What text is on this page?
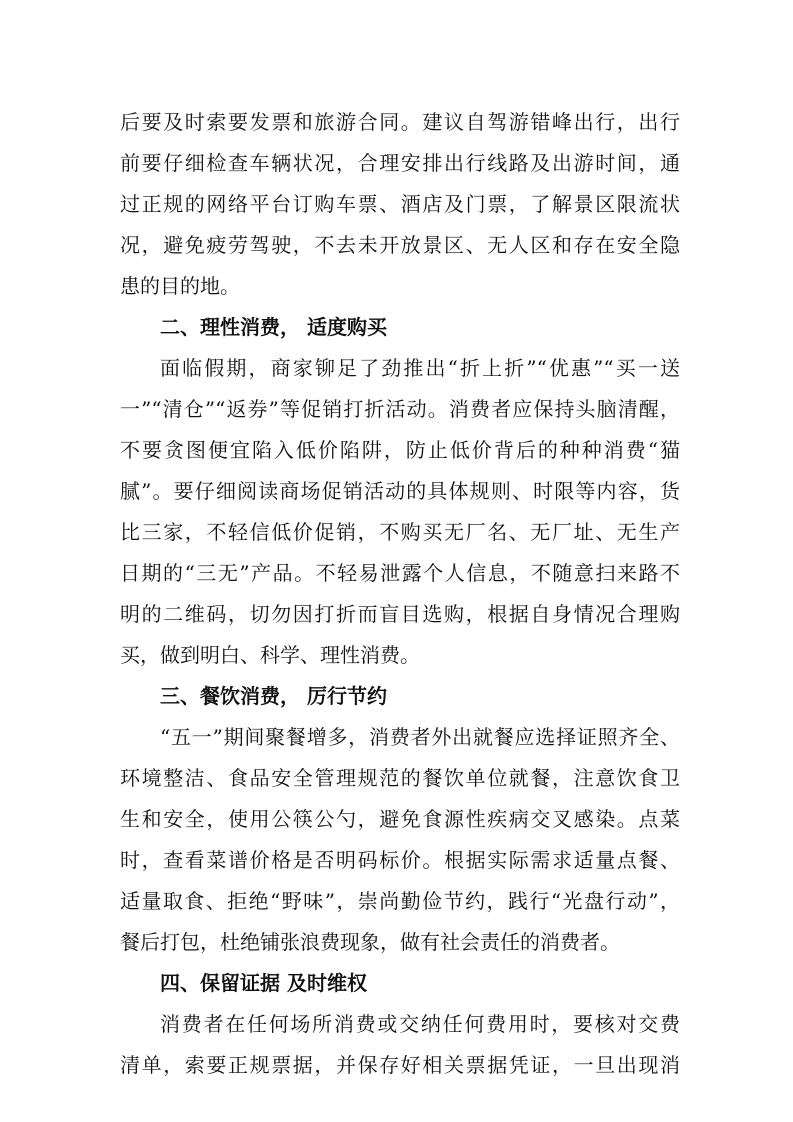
后要及时索要发票和旅游合同。建议自驾游错峰出行，出行
前要仔细检查车辆状况，合理安排出行线路及出游时间，通
过正规的网络平台订购车票、酒店及门票，了解景区限流状
况，避免疲劳驾驶，不去未开放景区、无人区和存在安全隐
患的目的地。
二、理性消费， 适度购买
面临假期，商家铆足了劲推出“折上折”“优惠”“买一送
一”“清仓”“返券”等促销打折活动。消费者应保持头脑清醒，
不要贪图便宜陷入低价陷阱，防止低价背后的种种消费“猫
腻”。要仔细阅读商场促销活动的具体规则、时限等内容，货
比三家，不轻信低价促销，不购买无厂名、无厂址、无生产
日期的“三无”产品。不轻易泄露个人信息，不随意扫来路不
明的二维码，切勿因打折而盲目选购，根据自身情况合理购
买，做到明白、科学、理性消费。
三、餐饮消费， 厉行节约
“五一”期间聚餐增多，消费者外出就餐应选择证照齐全、
环境整洁、食品安全管理规范的餐饮单位就餐，注意饮食卫
生和安全，使用公筷公勺，避免食源性疾病交叉感染。点菜
时，查看菜谱价格是否明码标价。根据实际需求适量点餐、
适量取食、拒绝“野味”，崇尚勤俭节约，践行“光盘行动”，
餐后打包，杜绝铺张浪费现象，做有社会责任的消费者。
四、保留证据 及时维权
消费者在任何场所消费或交纳任何费用时，要核对交费
清单，索要正规票据，并保存好相关票据凭证，一旦出现消
